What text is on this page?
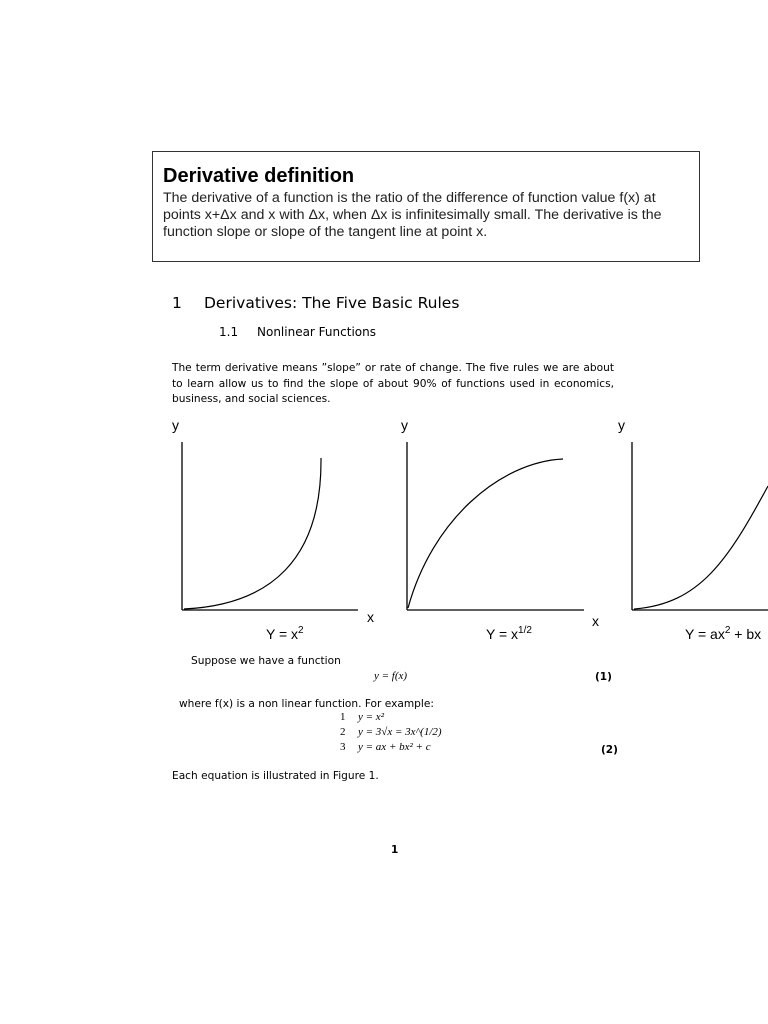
Derivative definition

The derivative of a function is the ratio of the difference of function value f(x) at points x+Δx and x with Δx, when Δx is infinitesimally small. The derivative is the function slope or slope of the tangent line at point x.

1 Derivatives: The Five Basic Rules
1.1 Nonlinear Functions
The term derivative means ”slope” or rate of change. The five rules we are about to learn allow us to find the slope of about 90% of functions used in economics, business, and social sciences.
y
x
$Y = x^2$
y
x
$Y = x^{1/2}$
y
$Y = ax^2$ + bx
Suppose we have a function
y = f(x)	(1)
where f(x) is a non linear function. For example:
1 y = x²
2 y = 3√x = 3x^(1/2)
3 y = ax + bx² + c	(2)
Each equation is illustrated in Figure 1.
1
